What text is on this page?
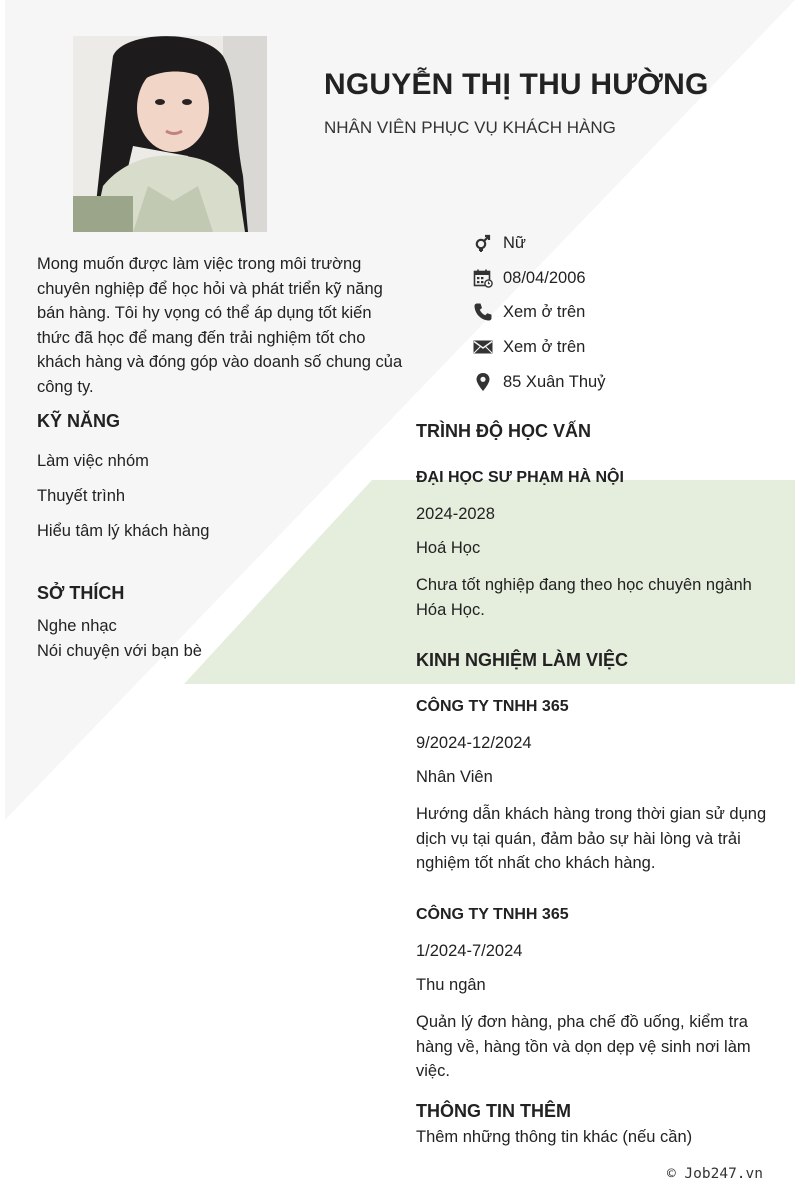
NGUYỄN THỊ THU HƯỜNG
NHÂN VIÊN PHỤC VỤ KHÁCH HÀNG
Nữ
08/04/2006
Xem ở trên
Xem ở trên
85 Xuân Thuỷ
Mong muốn được làm việc trong môi trường chuyên nghiệp để học hỏi và phát triển kỹ năng bán hàng. Tôi hy vọng có thể áp dụng tốt kiến thức đã học để mang đến trải nghiệm tốt cho khách hàng và đóng góp vào doanh số chung của công ty.
KỸ NĂNG
Làm việc nhóm
Thuyết trình
Hiểu tâm lý khách hàng
SỞ THÍCH
Nghe nhạc
Nói chuyện với bạn bè
TRÌNH ĐỘ HỌC VẤN
ĐẠI HỌC SƯ PHẠM HÀ NỘI
2024-2028
Hoá Học
Chưa tốt nghiệp đang theo học chuyên ngành Hóa Học.
KINH NGHIỆM LÀM VIỆC
CÔNG TY TNHH 365
9/2024-12/2024
Nhân Viên
Hướng dẫn khách hàng trong thời gian sử dụng dịch vụ tại quán, đảm bảo sự hài lòng và trải nghiệm tốt nhất cho khách hàng.
CÔNG TY TNHH 365
1/2024-7/2024
Thu ngân
Quản lý đơn hàng, pha chế đồ uống, kiểm tra hàng về, hàng tồn và dọn dẹp vệ sinh nơi làm việc.
THÔNG TIN THÊM
Thêm những thông tin khác (nếu cần)
© Job247.vn
